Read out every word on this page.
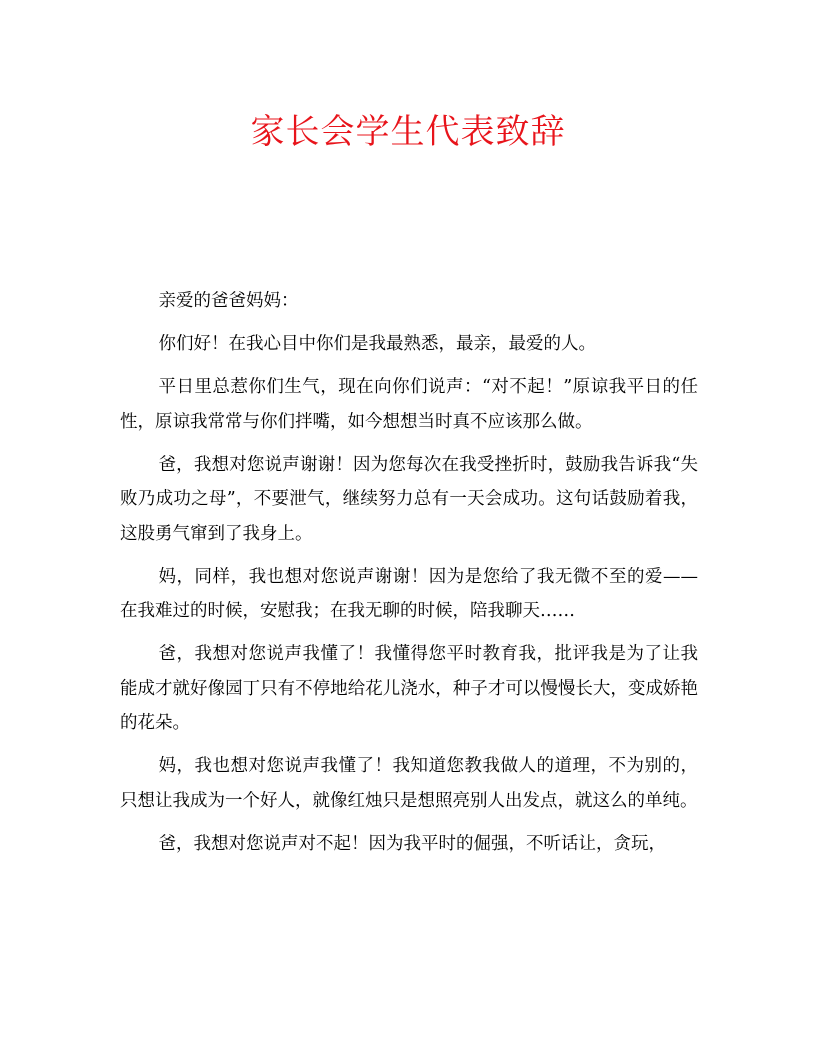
家长会学生代表致辞

亲爱的爸爸妈妈：

你们好！在我心目中你们是我最熟悉，最亲，最爱的人。

平日里总惹你们生气，现在向你们说声：“对不起！”原谅我平日的任性，原谅我常常与你们拌嘴，如今想想当时真不应该那么做。

爸，我想对您说声谢谢！因为您每次在我受挫折时，鼓励我告诉我“失败乃成功之母”，不要泄气，继续努力总有一天会成功。这句话鼓励着我，这股勇气窜到了我身上。

妈，同样，我也想对您说声谢谢！因为是您给了我无微不至的爱——在我难过的时候，安慰我；在我无聊的时候，陪我聊天……

爸，我想对您说声我懂了！我懂得您平时教育我，批评我是为了让我能成才就好像园丁只有不停地给花儿浇水，种子才可以慢慢长大，变成娇艳的花朵。

妈，我也想对您说声我懂了！我知道您教我做人的道理，不为别的，只想让我成为一个好人，就像红烛只是想照亮别人出发点，就这么的单纯。

爸，我想对您说声对不起！因为我平时的倔强，不听话让，贪玩，
